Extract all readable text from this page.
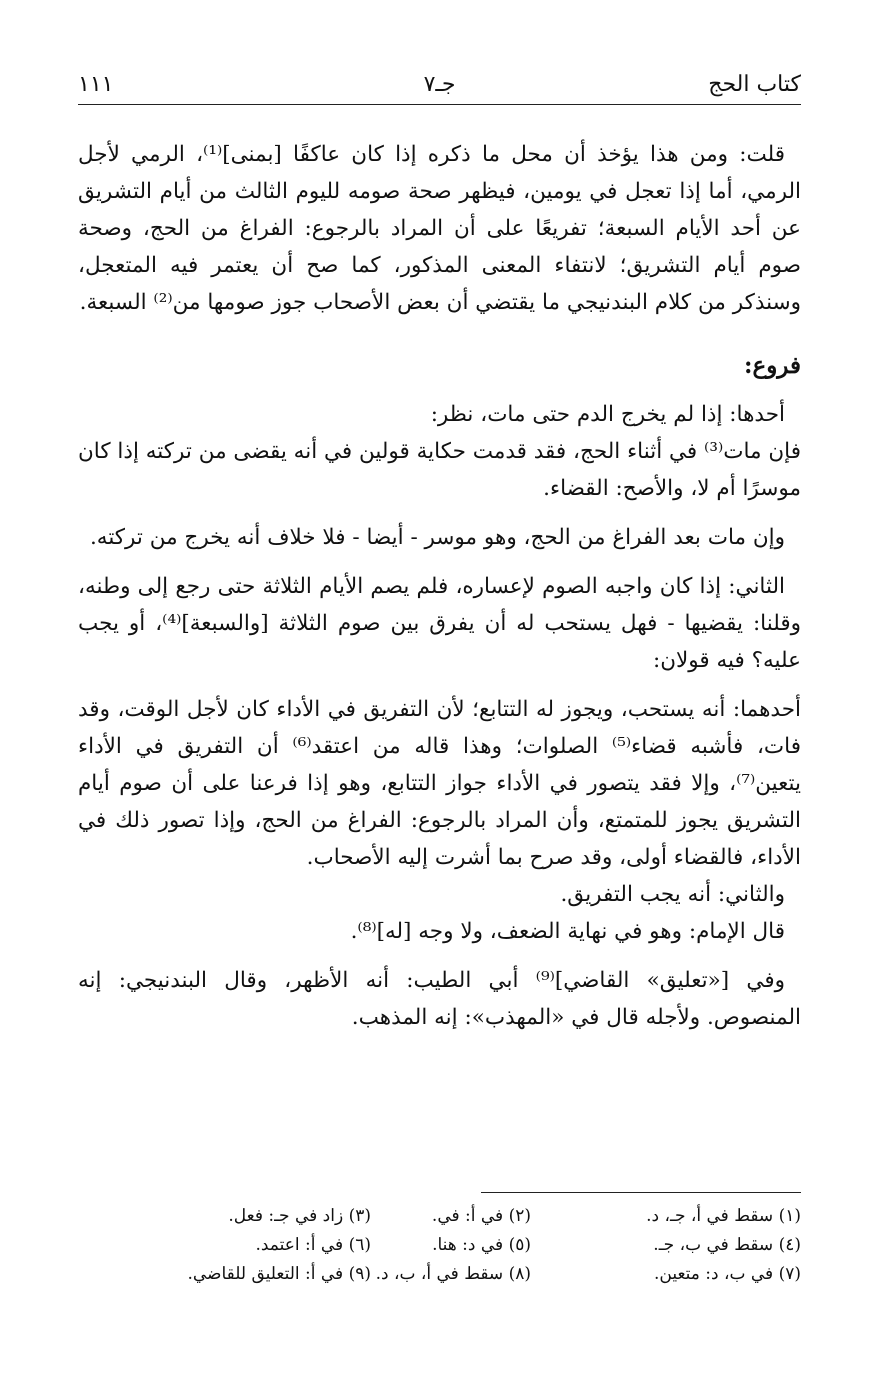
كتاب الحج
جـ٧
١١١

قلت: ومن هذا يؤخذ أن محل ما ذكره إذا كان عاكفًا [بمنى]⁽¹⁾، الرمي لأجل الرمي، أما إذا تعجل في يومين، فيظهر صحة صومه لليوم الثالث من أيام التشريق عن أحد الأيام السبعة؛ تفريعًا على أن المراد بالرجوع: الفراغ من الحج، وصحة صوم أيام التشريق؛ لانتفاء المعنى المذكور، كما صح أن يعتمر فيه المتعجل، وسنذكر من كلام البندنيجي ما يقتضي أن بعض الأصحاب جوز صومها من⁽²⁾ السبعة.

فروع:

أحدها: إذا لم يخرج الدم حتى مات، نظر:

فإن مات⁽³⁾ في أثناء الحج، فقد قدمت حكاية قولين في أنه يقضى من تركته إذا كان موسرًا أم لا، والأصح: القضاء.

وإن مات بعد الفراغ من الحج، وهو موسر - أيضا - فلا خلاف أنه يخرج من تركته.

الثاني: إذا كان واجبه الصوم لإعساره، فلم يصم الأيام الثلاثة حتى رجع إلى وطنه، وقلنا: يقضيها - فهل يستحب له أن يفرق بين صوم الثلاثة [والسبعة]⁽⁴⁾، أو يجب عليه؟ فيه قولان:

أحدهما: أنه يستحب، ويجوز له التتابع؛ لأن التفريق في الأداء كان لأجل الوقت، وقد فات، فأشبه قضاء⁽⁵⁾ الصلوات؛ وهذا قاله من اعتقد⁽⁶⁾ أن التفريق في الأداء يتعين⁽⁷⁾، وإلا فقد يتصور في الأداء جواز التتابع، وهو إذا فرعنا على أن صوم أيام التشريق يجوز للمتمتع، وأن المراد بالرجوع: الفراغ من الحج، وإذا تصور ذلك في الأداء، فالقضاء أولى، وقد صرح بما أشرت إليه الأصحاب.

والثاني: أنه يجب التفريق.

قال الإمام: وهو في نهاية الضعف، ولا وجه [له]⁽⁸⁾.

وفي [«تعليق» القاضي]⁽⁹⁾ أبي الطيب: أنه الأظهر، وقال البندنيجي: إنه المنصوص. ولأجله قال في «المهذب»: إنه المذهب.

(١) سقط في أ، جـ، د.
(٢) في أ: في.
(٣) زاد في جـ: فعل.
(٤) سقط في ب، جـ.
(٥) في د: هنا.
(٦) في أ: اعتمد.
(٧) في ب، د: متعين.
(٨) سقط في أ، ب، د.
(٩) في أ: التعليق للقاضي.
